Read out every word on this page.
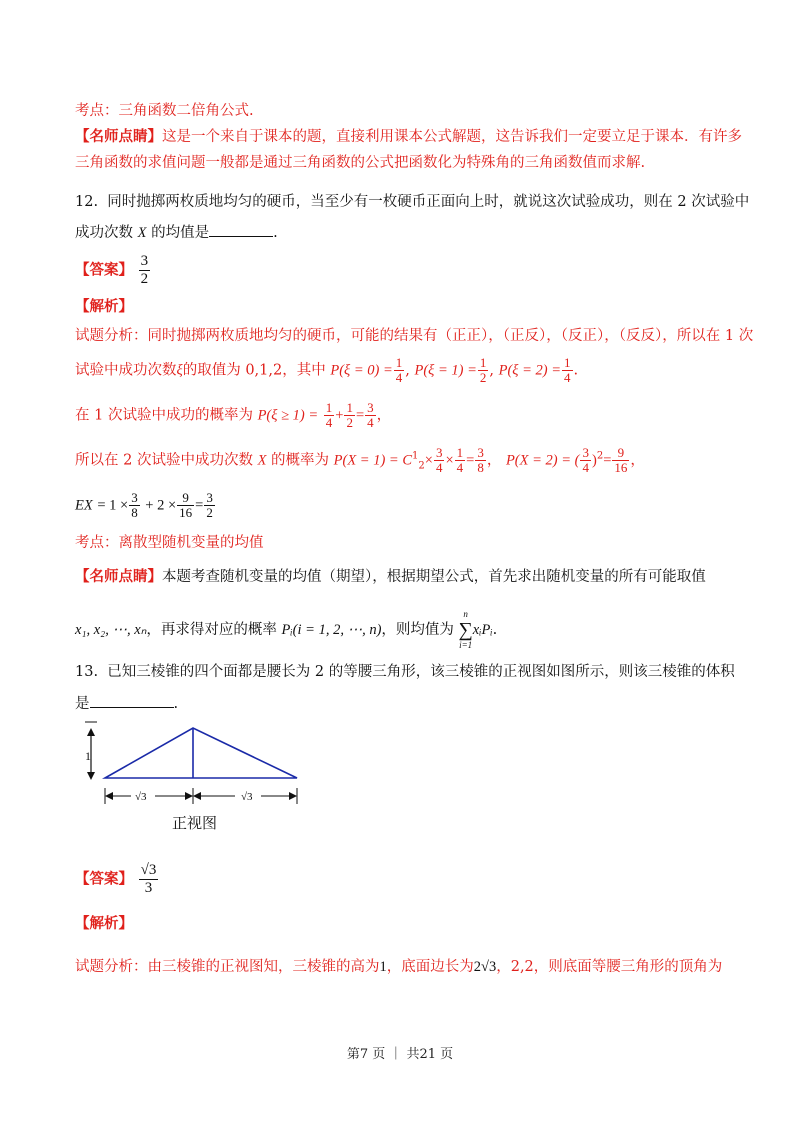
考点：三角函数二倍角公式.
【名师点睛】这是一个来自于课本的题，直接利用课本公式解题，这告诉我们一定要立足于课本．有许多
三角函数的求值问题一般都是通过三角函数的公式把函数化为特殊角的三角函数值而求解.
12. 同时抛掷两枚质地均匀的硬币，当至少有一枚硬币正面向上时，就说这次试验成功，则在 2 次试验中
成功次数 X 的均值是	.
【答案】 $\frac{3}{2}$
【解析】
试题分析：同时抛掷两枚质地均匀的硬币，可能的结果有（正正），（正反），（反正），（反反），所以在 1 次
试验中成功次数ξ的取值为 0,1,2，其中 $P(\xi = 0) = \frac{1}{4}$ , $P(\xi = 1) = \frac{1}{2}$ , $P(\xi = 2) = \frac{1}{4}$ .
在 1 次试验中成功的概率为 $P(\xi \ge 1) = \frac{1}{4} + \frac{1}{2} = \frac{3}{4}$ ，
所以在 2 次试验中成功次数 X 的概率为 $P(X = 1) = C^1_2\times \frac{3}{4} \times \frac{1}{4} = \frac{3}{8}$ ， P(X = 2) = ( $\frac{3}{4} )^2= \frac{9}{16}$ ，
EX = $1 \times \frac{3}{8} + 2 \times \frac{9}{16} = \frac{3}{2}$
考点：离散型随机变量的均值
【名师点睛】本题考查随机变量的均值（期望），根据期望公式，首先求出随机变量的所有可能取值
x₁, x₂, ⋯, xₙ，再求得对应的概率 Pᵢ(i = 1, 2, ⋯, n)，则均值为
n
∑
i=1
xᵢPᵢ.
13. 已知三棱锥的四个面都是腰长为 2 的等腰三角形，该三棱锥的正视图如图所示，则该三棱锥的体积
是	.
1
√3	√3
正视图
【答案】 $\frac{√3}{3}$
【解析】
试题分析：由三棱锥的正视图知，三棱锥的高为1，底面边长为2√3，2,2，则底面等腰三角形的顶角为
第7 页 ｜ 共21 页
